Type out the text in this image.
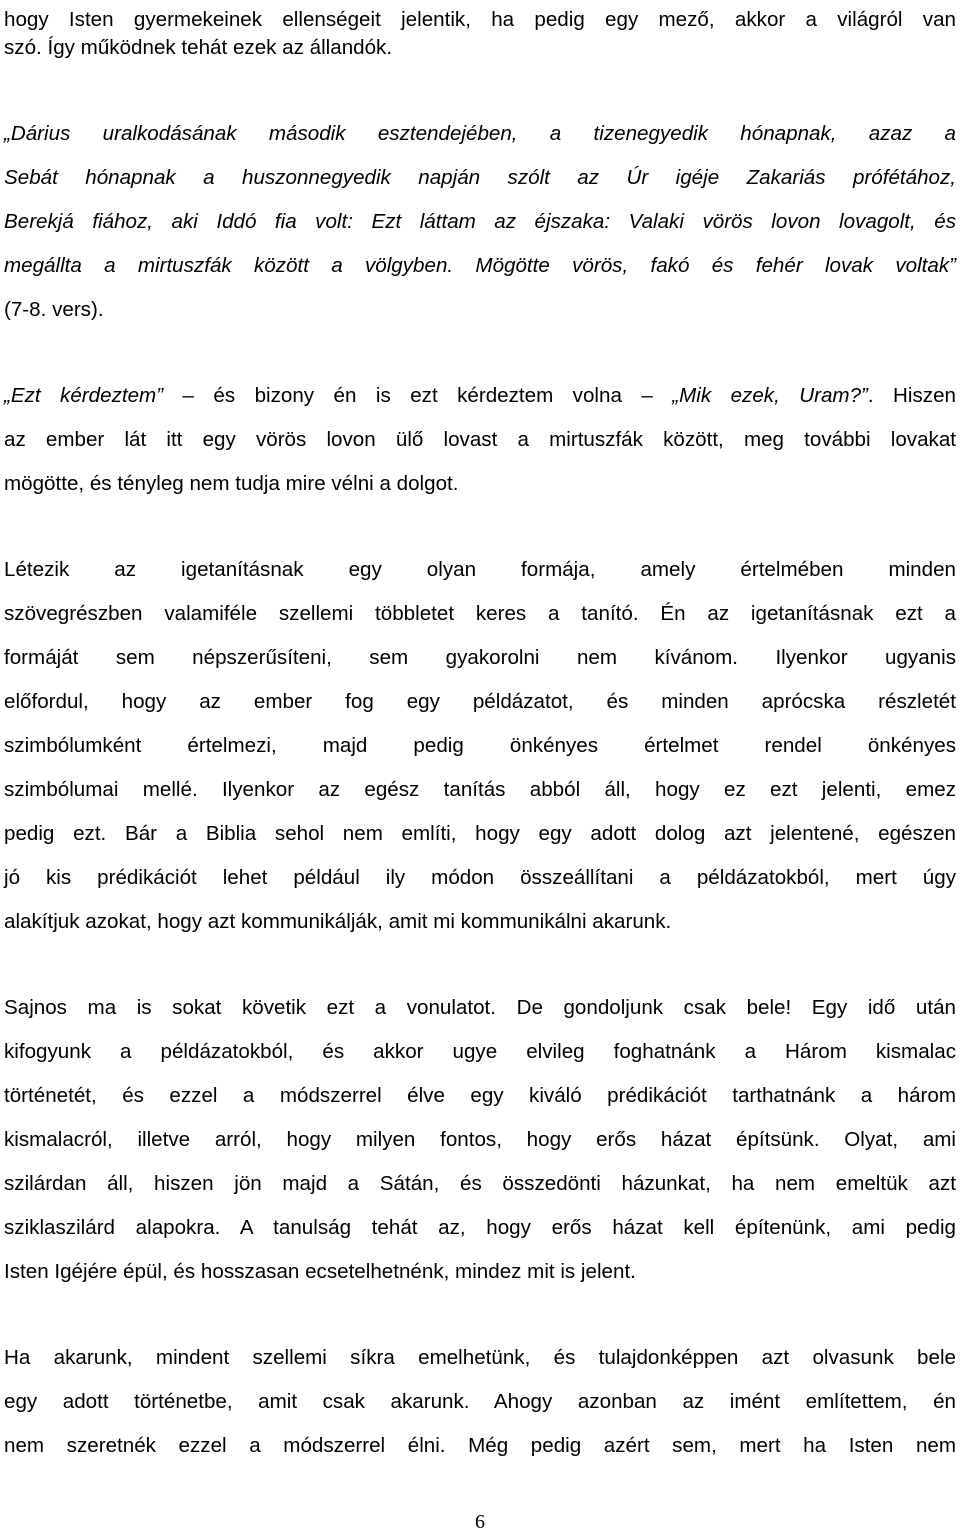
hogy Isten gyermekeinek ellenségeit jelentik, ha pedig egy mező, akkor a világról van
szó. Így működnek tehát ezek az állandók.
„Dárius uralkodásának második esztendejében, a tizenegyedik hónapnak, azaz a
Sebát hónapnak a huszonnegyedik napján szólt az Úr igéje Zakariás prófétához,
Berekjá fiához, aki Iddó fia volt: Ezt láttam az éjszaka: Valaki vörös lovon lovagolt, és
megállta a mirtuszfák között a völgyben. Mögötte vörös, fakó és fehér lovak voltak”
(7-8. vers).
„Ezt kérdeztem” – és bizony én is ezt kérdeztem volna – „Mik ezek, Uram?”. Hiszen
az ember lát itt egy vörös lovon ülő lovast a mirtuszfák között, meg további lovakat
mögötte, és tényleg nem tudja mire vélni a dolgot.
Létezik az igetanításnak egy olyan formája, amely értelmében minden
szövegrészben valamiféle szellemi többletet keres a tanító. Én az igetanításnak ezt a
formáját sem népszerűsíteni, sem gyakorolni nem kívánom. Ilyenkor ugyanis
előfordul, hogy az ember fog egy példázatot, és minden aprócska részletét
szimbólumként értelmezi, majd pedig önkényes értelmet rendel önkényes
szimbólumai mellé. Ilyenkor az egész tanítás abból áll, hogy ez ezt jelenti, emez
pedig ezt. Bár a Biblia sehol nem említi, hogy egy adott dolog azt jelentené, egészen
jó kis prédikációt lehet például ily módon összeállítani a példázatokból, mert úgy
alakítjuk azokat, hogy azt kommunikálják, amit mi kommunikálni akarunk.
Sajnos ma is sokat követik ezt a vonulatot. De gondoljunk csak bele! Egy idő után
kifogyunk a példázatokból, és akkor ugye elvileg foghatnánk a Három kismalac
történetét, és ezzel a módszerrel élve egy kiváló prédikációt tarthatnánk a három
kismalacról, illetve arról, hogy milyen fontos, hogy erős házat építsünk. Olyat, ami
szilárdan áll, hiszen jön majd a Sátán, és összedönti házunkat, ha nem emeltük azt
sziklaszilárd alapokra. A tanulság tehát az, hogy erős házat kell építenünk, ami pedig
Isten Igéjére épül, és hosszasan ecsetelhetnénk, mindez mit is jelent.
Ha akarunk, mindent szellemi síkra emelhetünk, és tulajdonképpen azt olvasunk bele
egy adott történetbe, amit csak akarunk. Ahogy azonban az imént említettem, én
nem szeretnék ezzel a módszerrel élni. Még pedig azért sem, mert ha Isten nem
6
